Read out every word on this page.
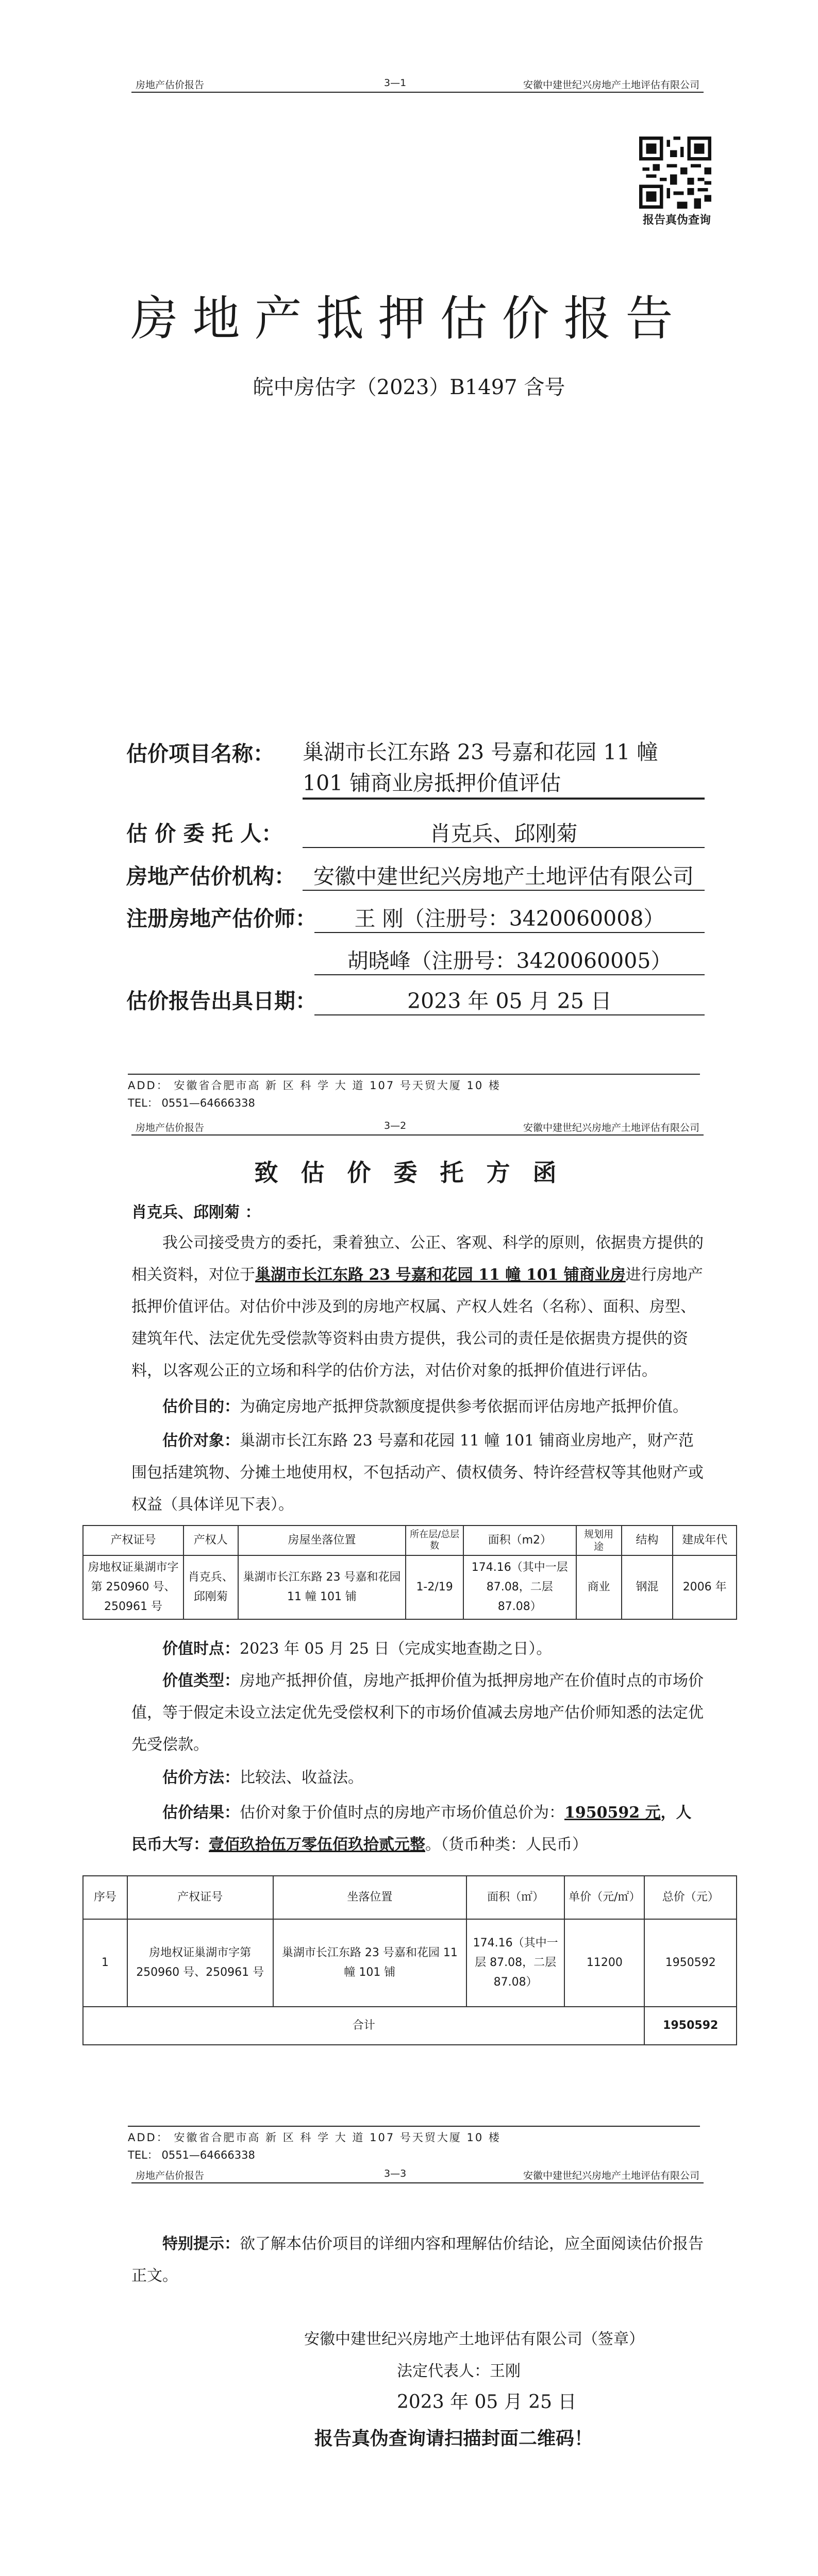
房地产估价报告	3—1	安徽中建世纪兴房地产土地评估有限公司
报告真伪查询
房地产抵押估价报告
皖中房估字（2023）B1497 含号
估价项目名称： 巢湖市长江东路 23 号嘉和花园 11 幢 101 铺商业房抵押价值评估
估 价 委 托 人：	肖克兵、邱刚菊
房地产估价机构： 安徽中建世纪兴房地产土地评估有限公司
注册房地产估价师：	王 刚（注册号：3420060008）
胡晓峰（注册号：3420060005）
估价报告出具日期：	2023 年 05 月 25 日
ADD： 安徽省合肥市高 新 区 科 学 大 道 107 号天贸大厦 10 楼
TEL： 0551—64666338
房地产估价报告	3—2	安徽中建世纪兴房地产土地评估有限公司
致 估 价 委 托 方 函
肖克兵、邱刚菊 ：
我公司接受贵方的委托，秉着独立、公正、客观、科学的原则，依据贵方提供的相关资料，对位于巢湖市长江东路 23 号嘉和花园 11 幢 101 铺商业房进行房地产抵押价值评估。对估价中涉及到的房地产权属、产权人姓名（名称）、面积、房型、建筑年代、法定优先受偿款等资料由贵方提供，我公司的责任是依据贵方提供的资料，以客观公正的立场和科学的估价方法，对估价对象的抵押价值进行评估。
估价目的：为确定房地产抵押贷款额度提供参考依据而评估房地产抵押价值。
估价对象：巢湖市长江东路 23 号嘉和花园 11 幢 101 铺商业房地产，财产范围包括建筑物、分摊土地使用权，不包括动产、债权债务、特许经营权等其他财产或权益（具体详见下表）。
产权证号	产权人	房屋坐落位置	所在层/总层数	面积（m2）	规划用途	结构	建成年代
房地权证巢湖市字第 250960 号、250961 号	肖克兵、邱刚菊	巢湖市长江东路 23 号嘉和花园 11 幢 101 铺	1-2/19	174.16（其中一层 87.08，二层 87.08）	商业	钢混	2006 年
价值时点：2023 年 05 月 25 日（完成实地查勘之日）。
价值类型：房地产抵押价值，房地产抵押价值为抵押房地产在价值时点的市场价值，等于假定未设立法定优先受偿权利下的市场价值减去房地产估价师知悉的法定优先受偿款。
估价方法：比较法、收益法。
估价结果：估价对象于价值时点的房地产市场价值总价为：1950592 元，人民币大写：壹佰玖拾伍万零伍佰玖拾贰元整。（货币种类：人民币）
序号	产权证号	坐落位置	面积（㎡）	单价（元/㎡）	总价（元）
1	房地权证巢湖市字第 250960 号、250961 号	巢湖市长江东路 23 号嘉和花园 11 幢 101 铺	174.16（其中一层 87.08，二层 87.08）	11200	1950592
合计					1950592
ADD： 安徽省合肥市高 新 区 科 学 大 道 107 号天贸大厦 10 楼
TEL： 0551—64666338
房地产估价报告	3—3	安徽中建世纪兴房地产土地评估有限公司
特别提示：欲了解本估价项目的详细内容和理解估价结论，应全面阅读估价报告正文。
安徽中建世纪兴房地产土地评估有限公司（签章）
法定代表人：王刚
2023 年 05 月 25 日
报告真伪查询请扫描封面二维码！
